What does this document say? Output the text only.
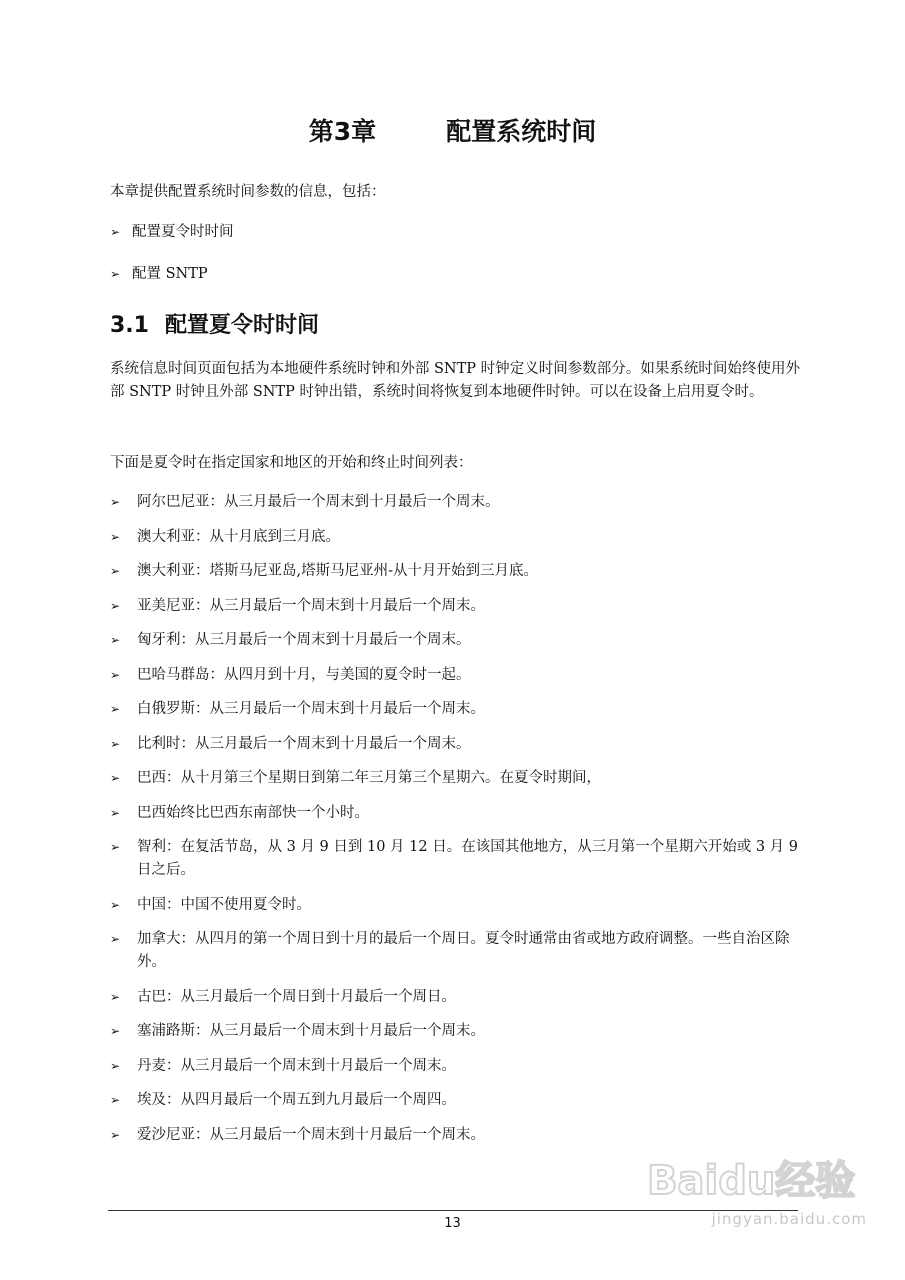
第3章	配置系统时间
本章提供配置系统时间参数的信息，包括：
➢ 配置夏令时时间
➢ 配置 SNTP
3.1 配置夏令时时间
系统信息时间页面包括为本地硬件系统时钟和外部 SNTP 时钟定义时间参数部分。如果系统时间始终使用外部 SNTP 时钟且外部 SNTP 时钟出错，系统时间将恢复到本地硬件时钟。可以在设备上启用夏令时。
下面是夏令时在指定国家和地区的开始和终止时间列表：
➢	阿尔巴尼亚：从三月最后一个周末到十月最后一个周末。
➢	澳大利亚：从十月底到三月底。
➢	澳大利亚：塔斯马尼亚岛,塔斯马尼亚州-从十月开始到三月底。
➢	亚美尼亚：从三月最后一个周末到十月最后一个周末。
➢	匈牙利：从三月最后一个周末到十月最后一个周末。
➢	巴哈马群岛：从四月到十月，与美国的夏令时一起。
➢	白俄罗斯：从三月最后一个周末到十月最后一个周末。
➢	比利时：从三月最后一个周末到十月最后一个周末。
➢	巴西：从十月第三个星期日到第二年三月第三个星期六。在夏令时期间，
➢	巴西始终比巴西东南部快一个小时。
➢	智利：在复活节岛，从 3 月 9 日到 10 月 12 日。在该国其他地方，从三月第一个星期六开始或 3 月 9 日之后。
➢	中国：中国不使用夏令时。
➢	加拿大：从四月的第一个周日到十月的最后一个周日。夏令时通常由省或地方政府调整。一些自治区除外。
➢	古巴：从三月最后一个周日到十月最后一个周日。
➢	塞浦路斯：从三月最后一个周末到十月最后一个周末。
➢	丹麦：从三月最后一个周末到十月最后一个周末。
➢	埃及：从四月最后一个周五到九月最后一个周四。
➢	爱沙尼亚：从三月最后一个周末到十月最后一个周末。
13
Baidu经验
jingyan.baidu.com
